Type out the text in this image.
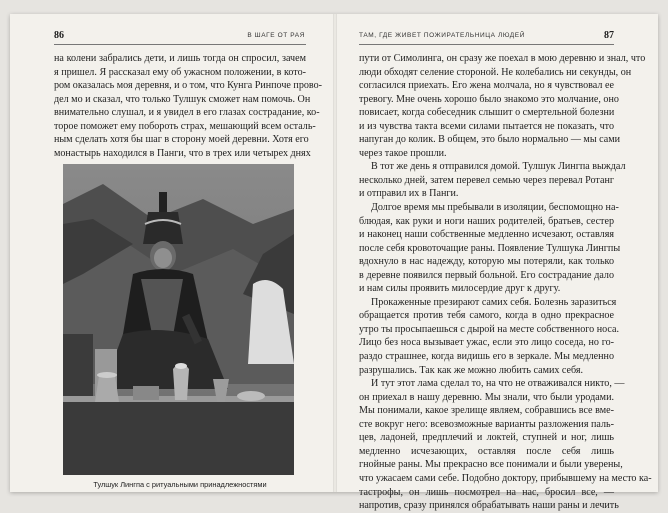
86	В ШАГЕ ОТ РАЯ
на колени забрались дети, и лишь тогда он спросил, зачем
я пришел. Я рассказал ему об ужасном положении, в кото-
ром оказалась моя деревня, и о том, что Кунга Ринпоче прово-
дел мо и сказал, что только Тулшук сможет нам помочь. Он
внимательно слушал, и я увидел в его глазах сострадание, ко-
торое поможет ему побороть страх, мешающий всем осталь-
ным сделать хотя бы шаг в сторону моей деревни. Хотя его
монастырь находился в Панги, что в трех или четырех днях
Тулшук Лингпа с ритуальными принадлежностями
ТАМ, ГДЕ ЖИВЕТ ПОЖИРАТЕЛЬНИЦА ЛЮДЕЙ	87
пути от Симолинга, он сразу же поехал в мою деревню и знал, что
люди обходят селение стороной. Не колебались ни секунды, он
согласился приехать. Его жена молчала, но я чувствовал ее
тревогу. Мне очень хорошо было знакомо это молчание, оно
повисает, когда собеседник слышит о смертельной болезни
и из чувства такта всеми силами пытается не показать, что
напуган до колик. В общем, это было нормально — мы сами
через такое прошли.
В тот же день я отправился домой. Тулшук Лингпа выждал
несколько дней, затем перевел семью через перевал Ротанг
и отправил их в Панги.
Долгое время мы пребывали в изоляции, беспомощно на-
блюдая, как руки и ноги наших родителей, братьев, сестер
и наконец наши собственные медленно исчезают, оставляя
после себя кровоточащие раны. Появление Тулшука Лингпы
вдохнуло в нас надежду, которую мы потеряли, как только
в деревне появился первый больной. Его сострадание дало
и нам силы проявить милосердие друг к другу.
Прокаженные презирают самих себя. Болезнь заразиться
обращается против тебя самого, когда в одно прекрасное
утро ты просыпаешься с дырой на месте собственного носа.
Лицо без носа вызывает ужас, если это лицо соседа, но го-
раздо страшнее, когда видишь его в зеркале. Мы медленно
разрушались. Так как же можно любить самих себя.
И тут этот лама сделал то, на что не отваживался никто, —
он приехал в нашу деревню. Мы знали, что были уродами.
Мы понимали, какое зрелище являем, собравшись все вме-
сте вокруг него: всевозможные варианты разложения паль-
цев, ладоней, предплечий и локтей, ступней и ног, лишь
медленно исчезающих, оставляя после себя лишь
гнойные раны. Мы прекрасно все понимали и были уверены,
что ужасаем сами себе. Подобно доктору, прибывшему на место ка-
тастрофы, он лишь посмотрел на нас, бросил все, —
напротив, сразу принялся обрабатывать наши раны и лечить
